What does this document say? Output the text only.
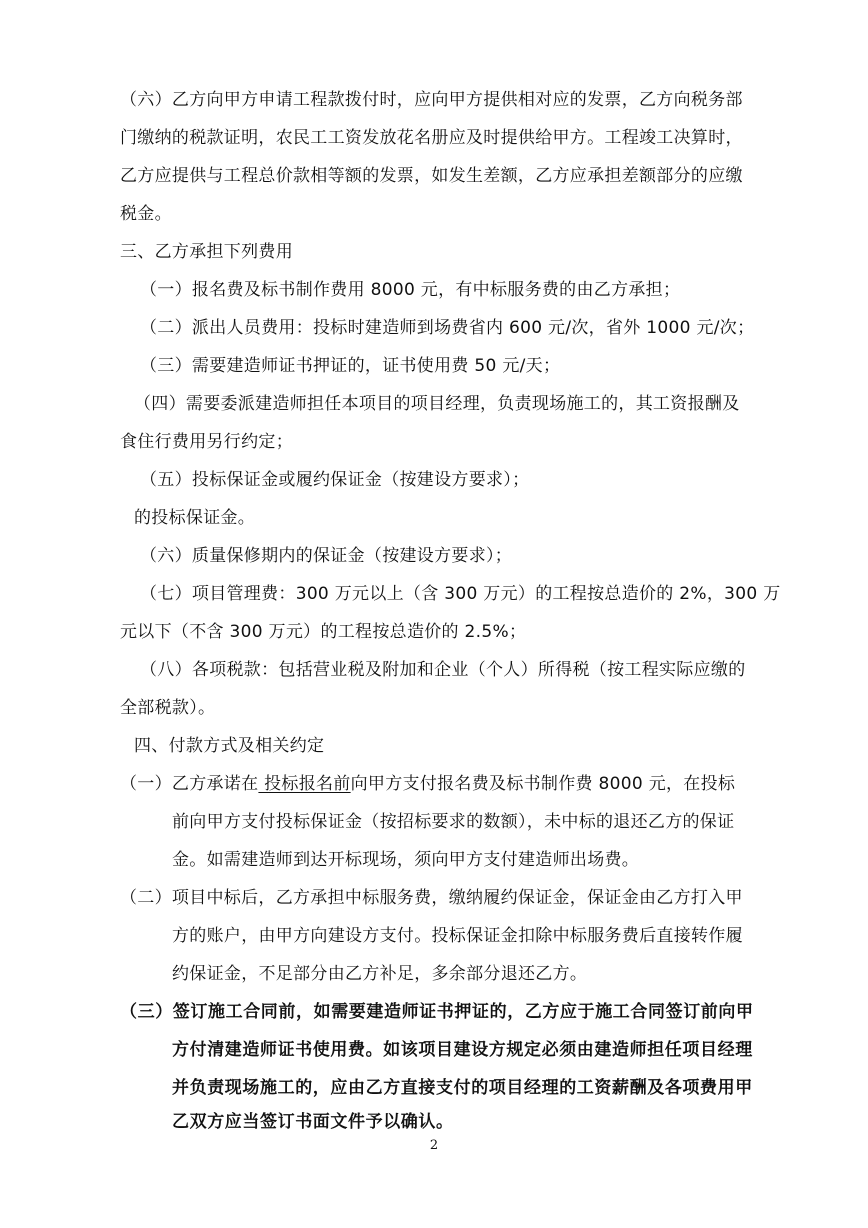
（六）乙方向甲方申请工程款拨付时，应向甲方提供相对应的发票，乙方向税务部
门缴纳的税款证明，农民工工资发放花名册应及时提供给甲方。工程竣工决算时，
乙方应提供与工程总价款相等额的发票，如发生差额，乙方应承担差额部分的应缴
税金。
三、乙方承担下列费用
（一）报名费及标书制作费用 8000 元，有中标服务费的由乙方承担；
（二）派出人员费用：投标时建造师到场费省内 600 元/次，省外 1000 元/次；
（三）需要建造师证书押证的，证书使用费 50 元/天；
（四）需要委派建造师担任本项目的项目经理，负责现场施工的，其工资报酬及
食住行费用另行约定；
（五）投标保证金或履约保证金（按建设方要求）；
的投标保证金。
（六）质量保修期内的保证金（按建设方要求）；
（七）项目管理费：300 万元以上（含 300 万元）的工程按总造价的 2%，300 万
元以下（不含 300 万元）的工程按总造价的 2.5%；
（八）各项税款：包括营业税及附加和企业（个人）所得税（按工程实际应缴的
全部税款）。
四、付款方式及相关约定
（一）乙方承诺在 投标报名前向甲方支付报名费及标书制作费 8000 元，在投标
前向甲方支付投标保证金（按招标要求的数额），未中标的退还乙方的保证
金。如需建造师到达开标现场，须向甲方支付建造师出场费。
（二）项目中标后，乙方承担中标服务费，缴纳履约保证金，保证金由乙方打入甲
方的账户，由甲方向建设方支付。投标保证金扣除中标服务费后直接转作履
约保证金，不足部分由乙方补足，多余部分退还乙方。
（三）签订施工合同前，如需要建造师证书押证的，乙方应于施工合同签订前向甲
方付清建造师证书使用费。如该项目建设方规定必须由建造师担任项目经理
并负责现场施工的，应由乙方直接支付的项目经理的工资薪酬及各项费用甲
乙双方应当签订书面文件予以确认。
2
